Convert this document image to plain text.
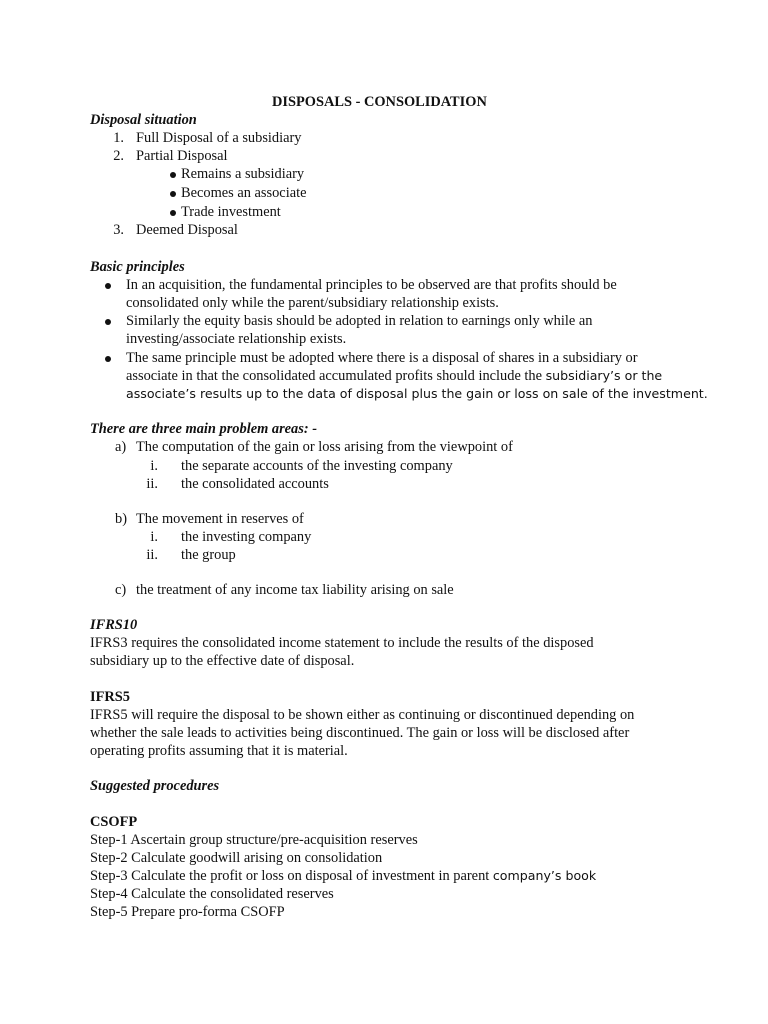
DISPOSALS - CONSOLIDATION
Disposal situation
1. Full Disposal of a subsidiary
2. Partial Disposal
Remains a subsidiary
Becomes an associate
Trade investment
3. Deemed Disposal
Basic principles
In an acquisition, the fundamental principles to be observed are that profits should be
consolidated only while the parent/subsidiary relationship exists.
Similarly the equity basis should be adopted in relation to earnings only while an
investing/associate relationship exists.
The same principle must be adopted where there is a disposal of shares in a subsidiary or
associate in that the consolidated accumulated profits should include the subsidiary’s or the
associate’s results up to the data of disposal plus the gain or loss on sale of the investment.
There are three main problem areas: -
a) The computation of the gain or loss arising from the viewpoint of
i. the separate accounts of the investing company
ii. the consolidated accounts
b) The movement in reserves of
i. the investing company
ii. the group
c) the treatment of any income tax liability arising on sale
IFRS10
IFRS3 requires the consolidated income statement to include the results of the disposed
subsidiary up to the effective date of disposal.
IFRS5
IFRS5 will require the disposal to be shown either as continuing or discontinued depending on
whether the sale leads to activities being discontinued. The gain or loss will be disclosed after
operating profits assuming that it is material.
Suggested procedures
CSOFP
Step-1 Ascertain group structure/pre-acquisition reserves
Step-2 Calculate goodwill arising on consolidation
Step-3 Calculate the profit or loss on disposal of investment in parent company’s book
Step-4 Calculate the consolidated reserves
Step-5 Prepare pro-forma CSOFP
